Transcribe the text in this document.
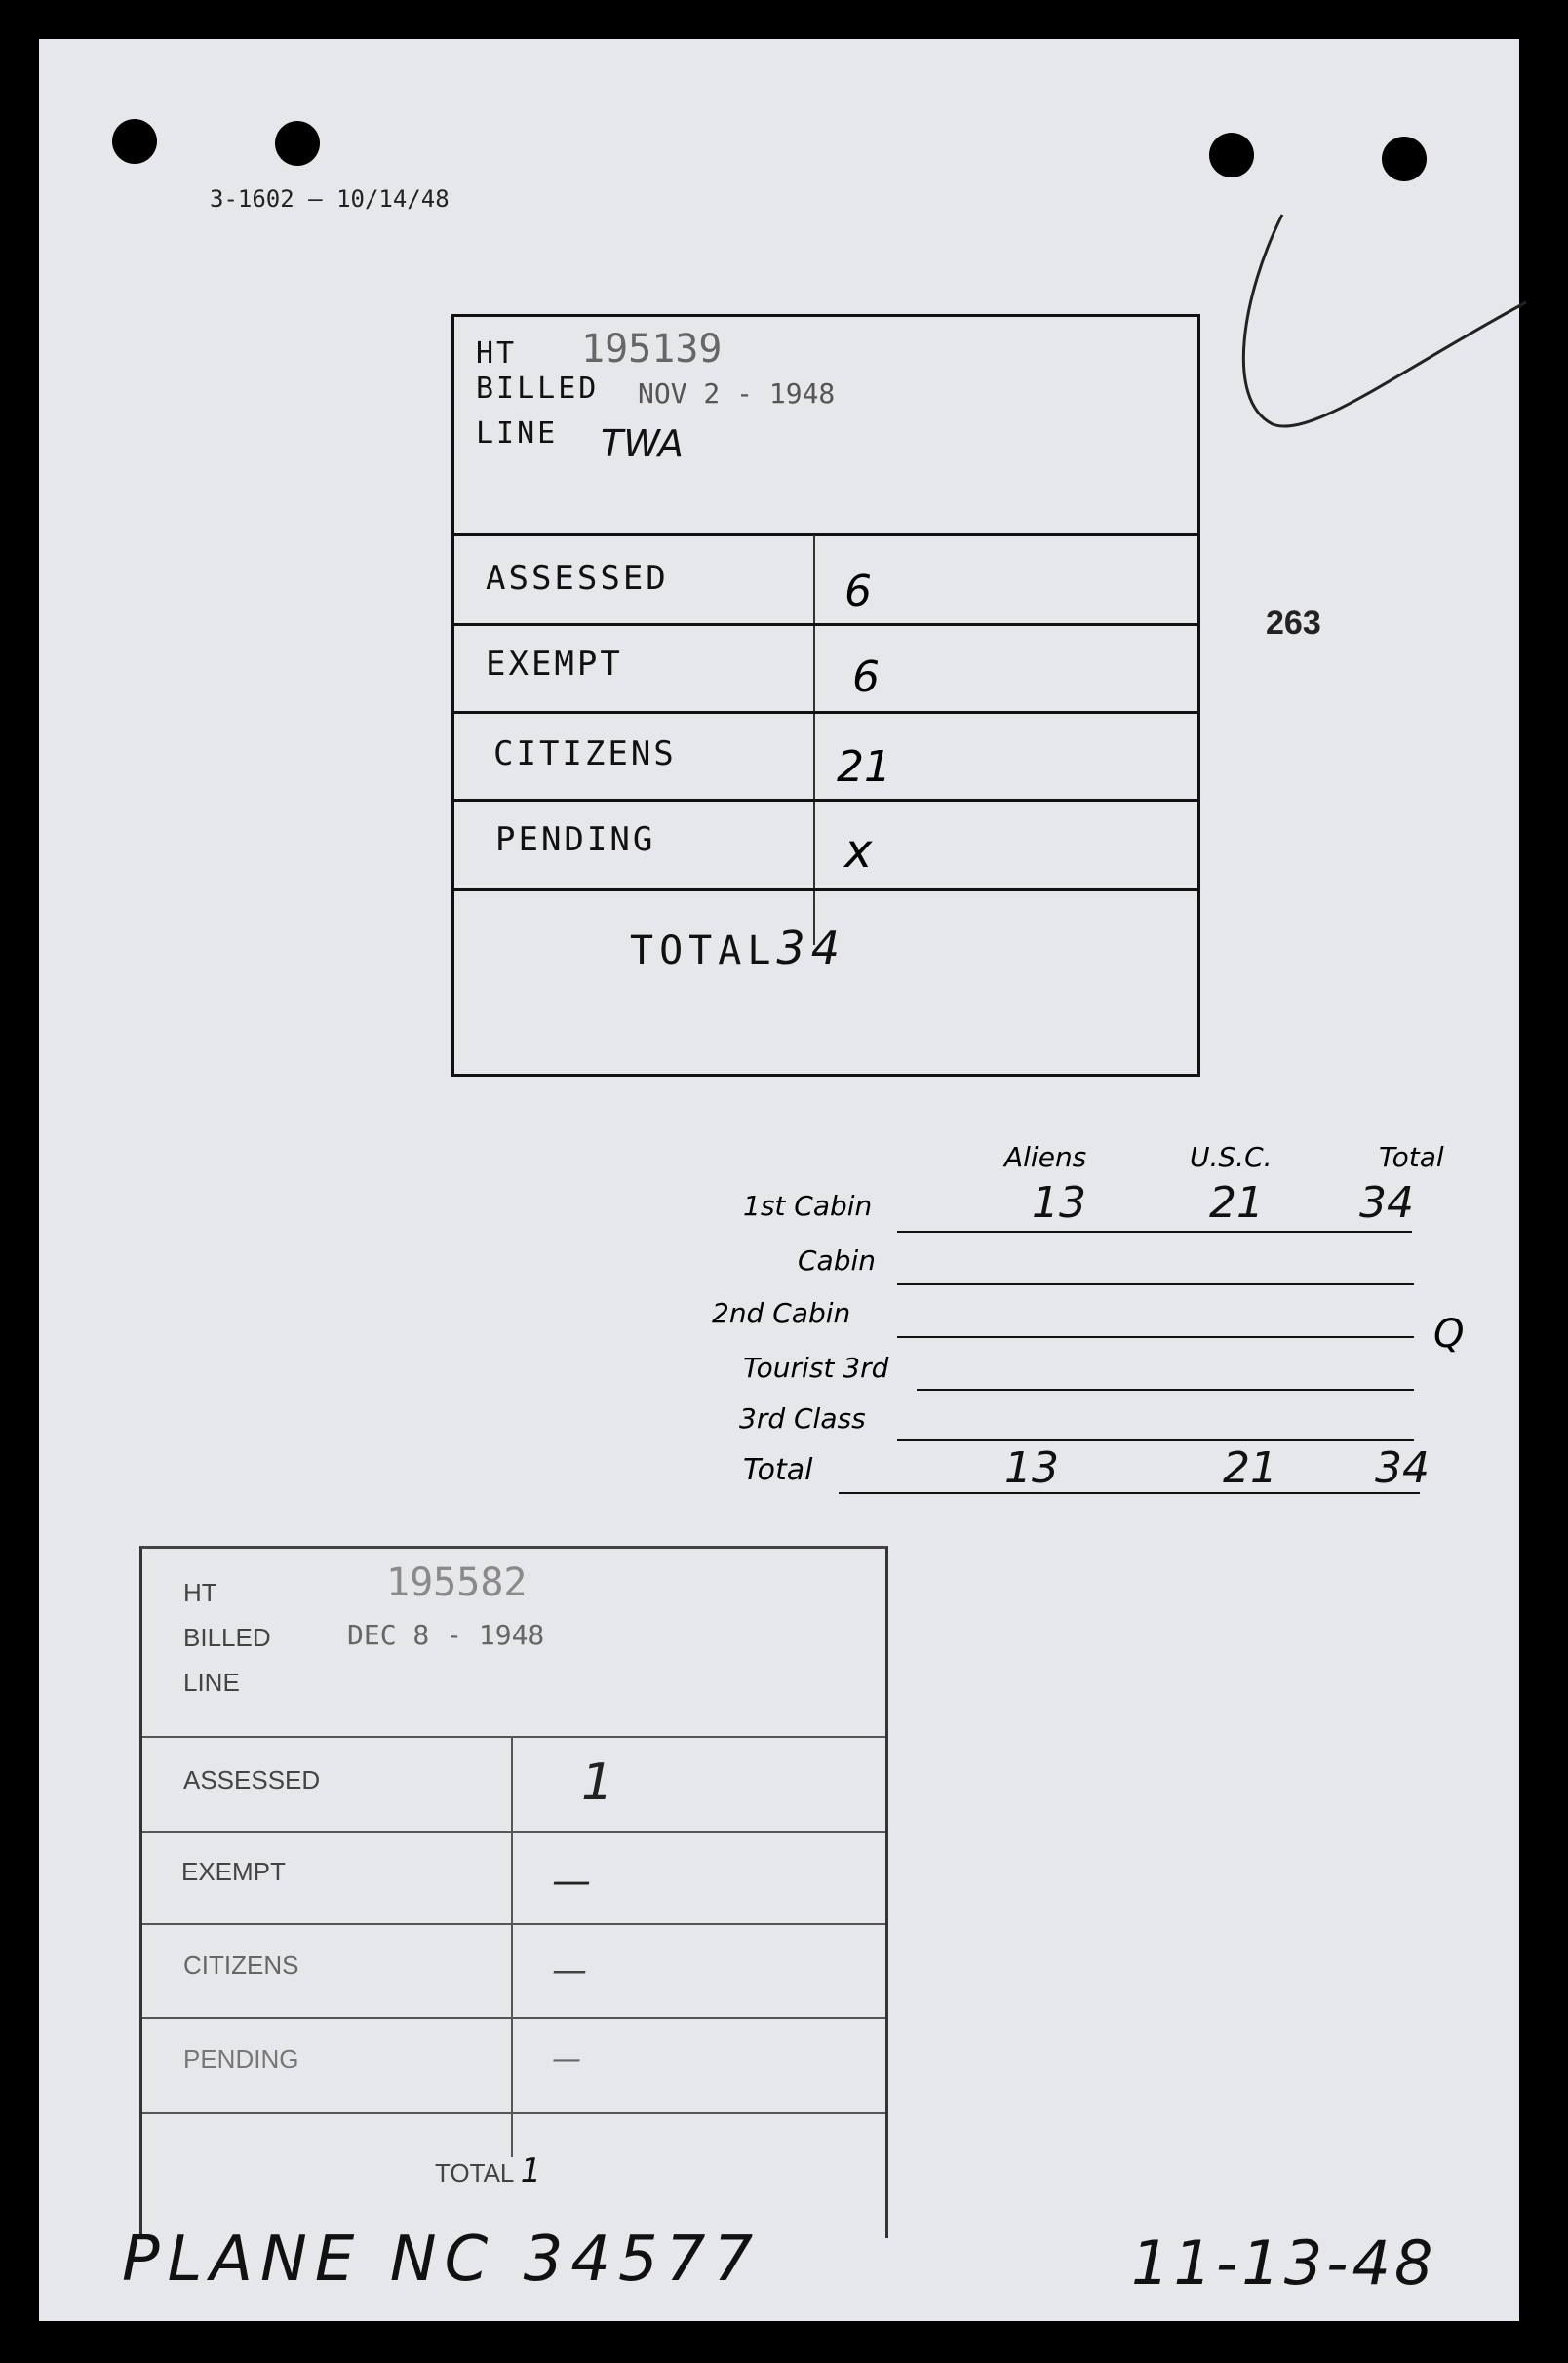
3-1602 — 10/14/48
263
HT 195139
BILLED NOV 2 - 1948
LINE TWA
ASSESSED	6
EXEMPT	6
CITIZENS	21
PENDING	x
TOTAL34
Aliens	U.S.C.	Total
1st Cabin	13	21 34
Cabin
2nd Cabin	Q
Tourist 3rd
3rd Class
Total	13	21 34
HT	195582
BILLED	DEC 8 - 1948
LINE
ASSESSED	1
EXEMPT	—
CITIZENS	—
PENDING	—
TOTAL 1
PLANE NC 34577	11-13-48
